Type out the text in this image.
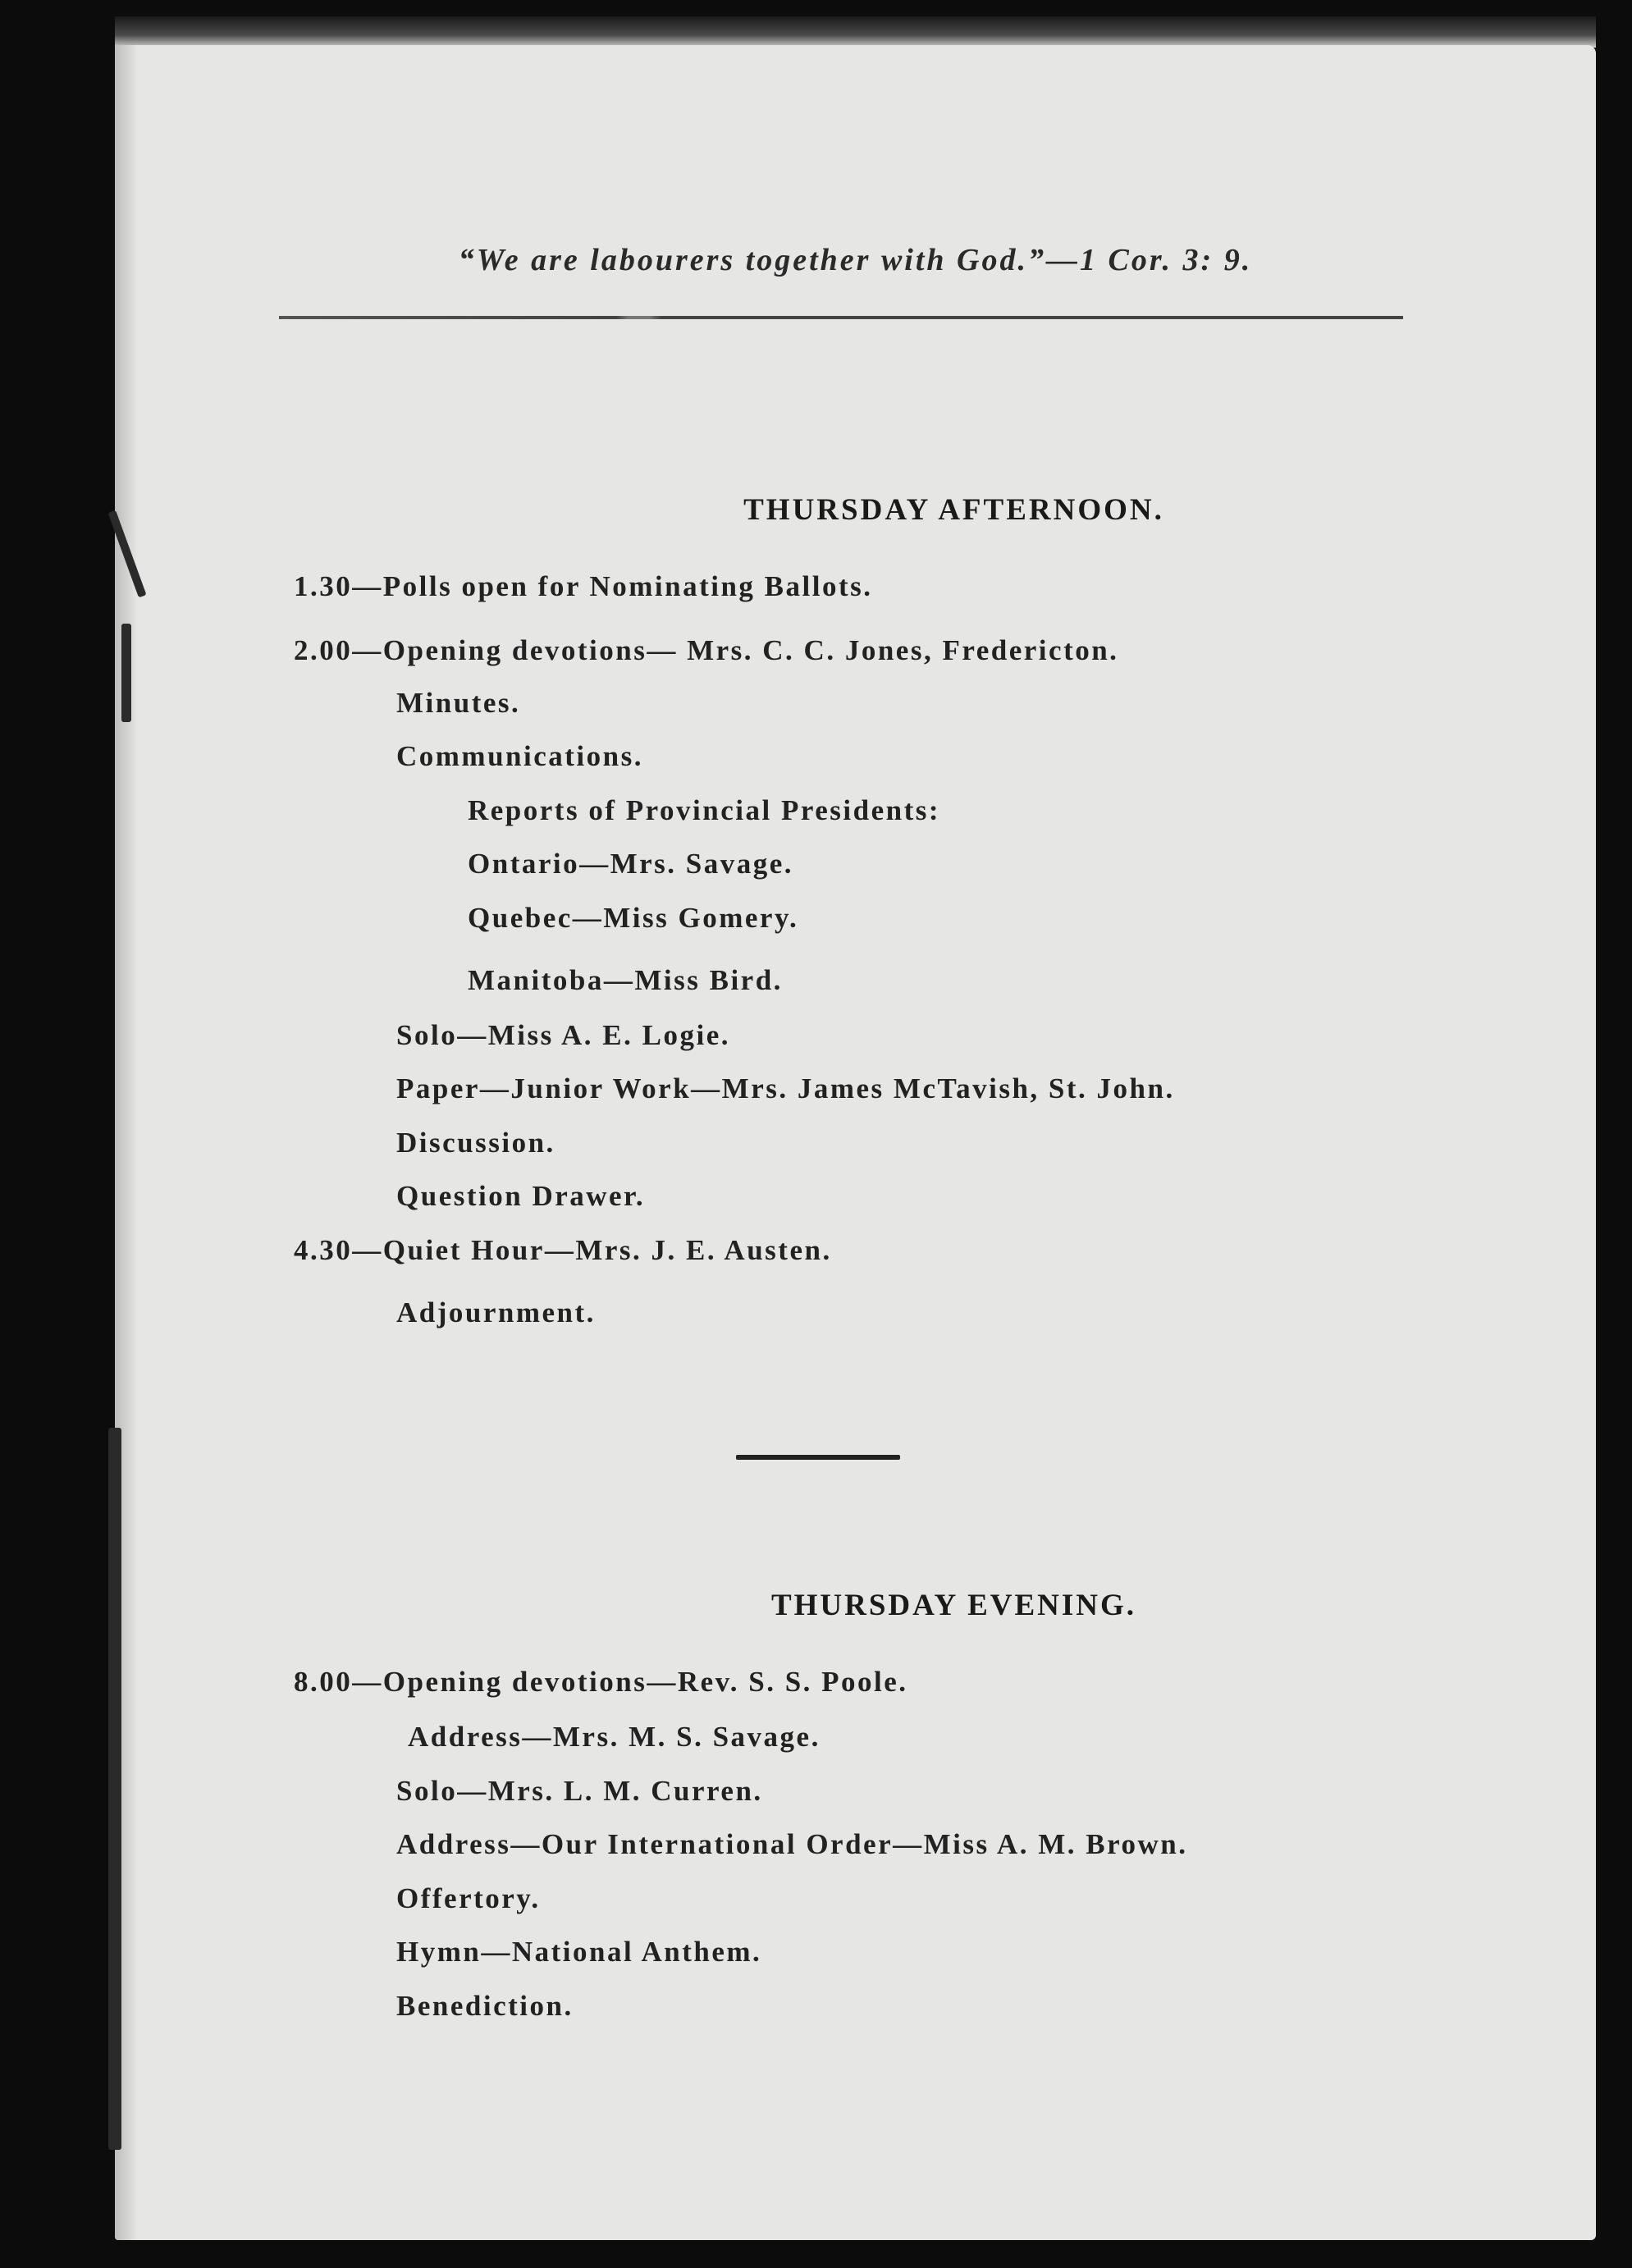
“We are labourers together with God.”—1 Cor. 3: 9.
THURSDAY AFTERNOON.
1.30—Polls open for Nominating Ballots.
2.00—Opening devotions— Mrs. C. C. Jones, Fredericton.
Minutes.
Communications.
Reports of Provincial Presidents:
Ontario—Mrs. Savage.
Quebec—Miss Gomery.
Manitoba—Miss Bird.
Solo—Miss A. E. Logie.
Paper—Junior Work—Mrs. James McTavish, St. John.
Discussion.
Question Drawer.
4.30—Quiet Hour—Mrs. J. E. Austen.
Adjournment.
THURSDAY EVENING.
8.00—Opening devotions—Rev. S. S. Poole.
Address—Mrs. M. S. Savage.
Solo—Mrs. L. M. Curren.
Address—Our International Order—Miss A. M. Brown.
Offertory.
Hymn—National Anthem.
Benediction.
